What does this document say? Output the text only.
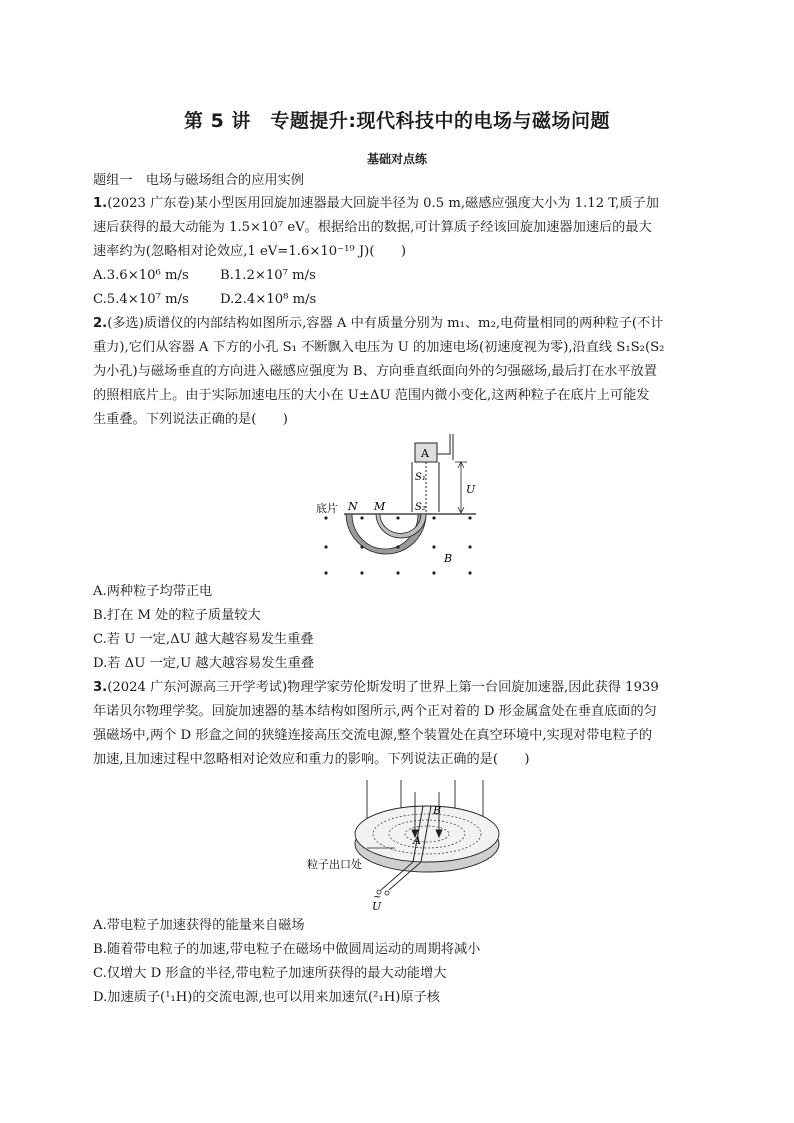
第 5 讲　专题提升:现代科技中的电场与磁场问题
基础对点练
题组一　电场与磁场组合的应用实例
1.(2023 广东卷)某小型医用回旋加速器最大回旋半径为 0.5 m,磁感应强度大小为 1.12 T,质子加
速后获得的最大动能为 1.5×10⁷ eV。根据给出的数据,可计算质子经该回旋加速器加速后的最大
速率约为(忽略相对论效应,1 eV=1.6×10⁻¹⁹ J)(　　)
A.3.6×10⁶ m/s B.1.2×10⁷ m/s
C.5.4×10⁷ m/s D.2.4×10⁸ m/s
2.(多选)质谱仪的内部结构如图所示,容器 A 中有质量分别为 m₁、m₂,电荷量相同的两种粒子(不计
重力),它们从容器 A 下方的小孔 S₁ 不断飘入电压为 U 的加速电场(初速度视为零),沿直线 S₁S₂(S₂
为小孔)与磁场垂直的方向进入磁感应强度为 B、方向垂直纸面向外的匀强磁场,最后打在水平放置
的照相底片上。由于实际加速电压的大小在 U±ΔU 范围内微小变化,这两种粒子在底片上可能发
生重叠。下列说法正确的是(　　)
A
S₁
S₂
U
底片 N M
B
A.两种粒子均带正电
B.打在 M 处的粒子质量较大
C.若 U 一定,ΔU 越大越容易发生重叠
D.若 ΔU 一定,U 越大越容易发生重叠
3.(2024 广东河源高三开学考试)物理学家劳伦斯发明了世界上第一台回旋加速器,因此获得 1939
年诺贝尔物理学奖。回旋加速器的基本结构如图所示,两个正对着的 D 形金属盒处在垂直底面的匀
强磁场中,两个 D 形盒之间的狭缝连接高压交流电源,整个装置处在真空环境中,实现对带电粒子的
加速,且加速过程中忽略相对论效应和重力的影响。下列说法正确的是(　　)
A
B
粒子出口处
~
U
A.带电粒子加速获得的能量来自磁场
B.随着带电粒子的加速,带电粒子在磁场中做圆周运动的周期将减小
C.仅增大 D 形盒的半径,带电粒子加速所获得的最大动能增大
D.加速质子(¹₁H)的交流电源,也可以用来加速氘(²₁H)原子核
